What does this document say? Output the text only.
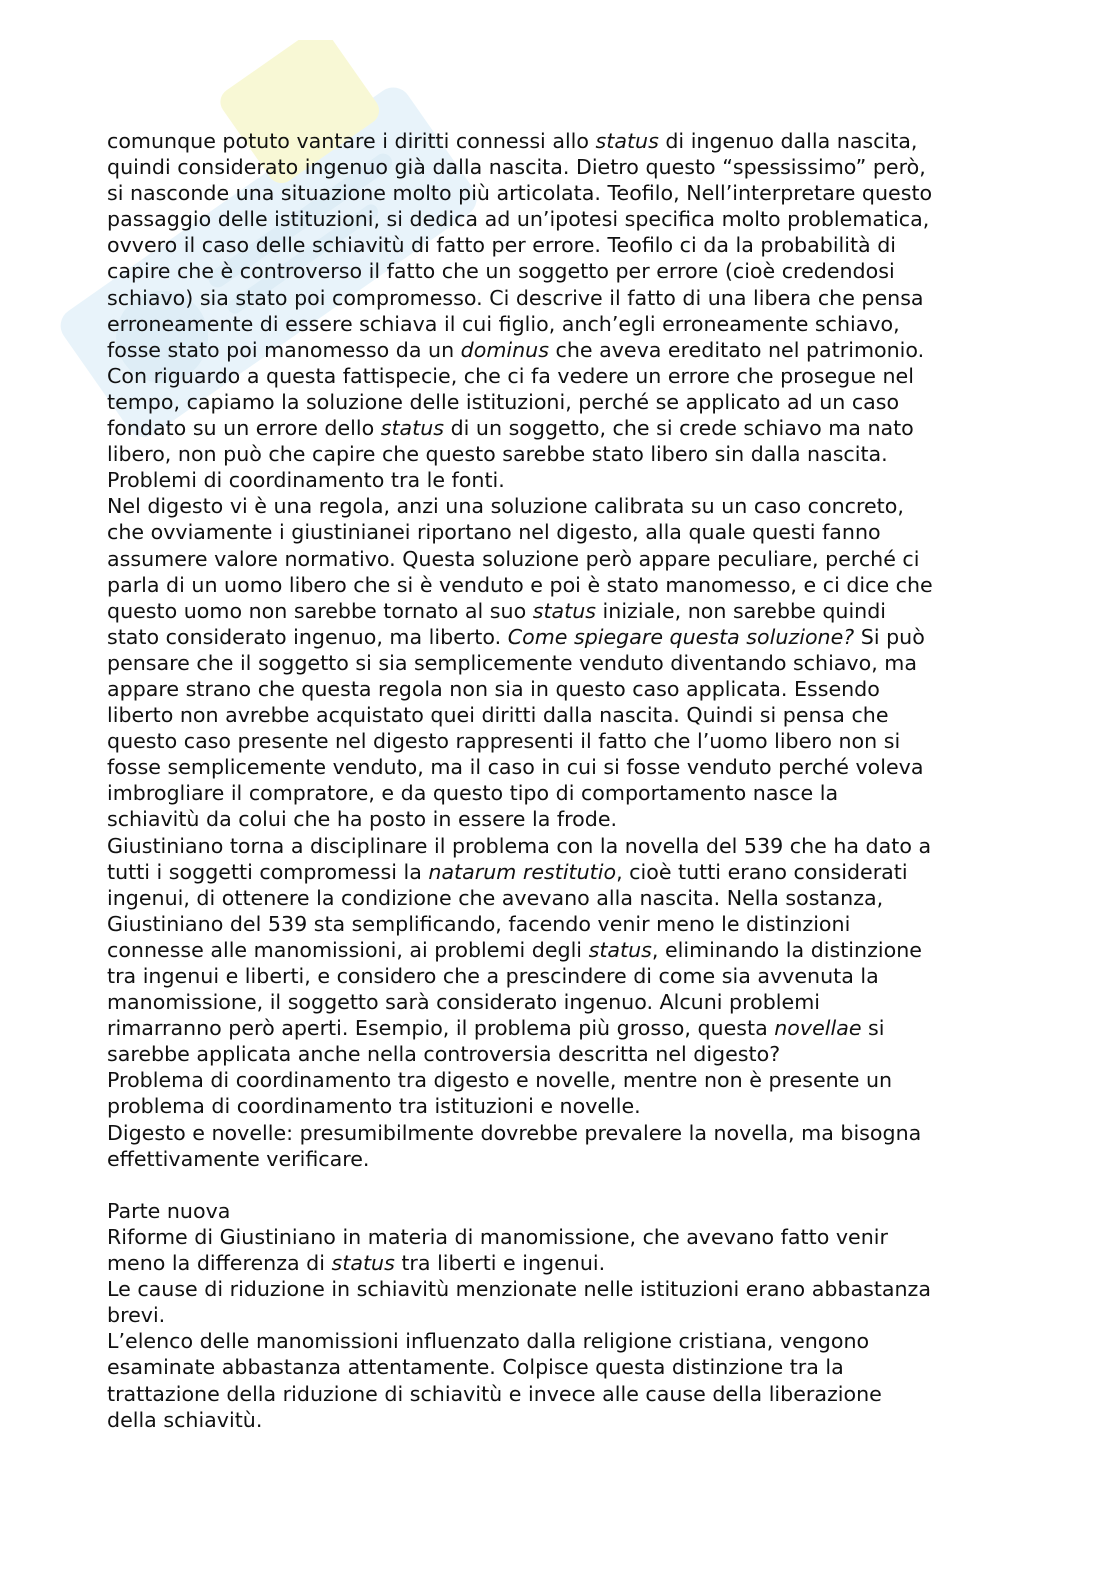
comunque potuto vantare i diritti connessi allo status di ingenuo dalla nascita,

quindi considerato ingenuo già dalla nascita. Dietro questo “spessissimo” però,

si nasconde una situazione molto più articolata. Teofilo, Nell’interpretare questo

passaggio delle istituzioni, si dedica ad un’ipotesi specifica molto problematica,

ovvero il caso delle schiavitù di fatto per errore. Teofilo ci da la probabilità di

capire che è controverso il fatto che un soggetto per errore (cioè credendosi

schiavo) sia stato poi compromesso. Ci descrive il fatto di una libera che pensa

erroneamente di essere schiava il cui figlio, anch’egli erroneamente schiavo,

fosse stato poi manomesso da un dominus che aveva ereditato nel patrimonio.

Con riguardo a questa fattispecie, che ci fa vedere un errore che prosegue nel

tempo, capiamo la soluzione delle istituzioni, perché se applicato ad un caso

fondato su un errore dello status di un soggetto, che si crede schiavo ma nato

libero, non può che capire che questo sarebbe stato libero sin dalla nascita.

Problemi di coordinamento tra le fonti.

Nel digesto vi è una regola, anzi una soluzione calibrata su un caso concreto,

che ovviamente i giustinianei riportano nel digesto, alla quale questi fanno

assumere valore normativo. Questa soluzione però appare peculiare, perché ci

parla di un uomo libero che si è venduto e poi è stato manomesso, e ci dice che

questo uomo non sarebbe tornato al suo status iniziale, non sarebbe quindi

stato considerato ingenuo, ma liberto. Come spiegare questa soluzione? Si può

pensare che il soggetto si sia semplicemente venduto diventando schiavo, ma

appare strano che questa regola non sia in questo caso applicata. Essendo

liberto non avrebbe acquistato quei diritti dalla nascita. Quindi si pensa che

questo caso presente nel digesto rappresenti il fatto che l’uomo libero non si

fosse semplicemente venduto, ma il caso in cui si fosse venduto perché voleva

imbrogliare il compratore, e da questo tipo di comportamento nasce la

schiavitù da colui che ha posto in essere la frode.

Giustiniano torna a disciplinare il problema con la novella del 539 che ha dato a

tutti i soggetti compromessi la natarum restitutio, cioè tutti erano considerati

ingenui, di ottenere la condizione che avevano alla nascita. Nella sostanza,

Giustiniano del 539 sta semplificando, facendo venir meno le distinzioni

connesse alle manomissioni, ai problemi degli status, eliminando la distinzione

tra ingenui e liberti, e considero che a prescindere di come sia avvenuta la

manomissione, il soggetto sarà considerato ingenuo. Alcuni problemi

rimarranno però aperti. Esempio, il problema più grosso, questa novellae si

sarebbe applicata anche nella controversia descritta nel digesto?

Problema di coordinamento tra digesto e novelle, mentre non è presente un

problema di coordinamento tra istituzioni e novelle.

Digesto e novelle: presumibilmente dovrebbe prevalere la novella, ma bisogna

effettivamente verificare.

Parte nuova

Riforme di Giustiniano in materia di manomissione, che avevano fatto venir

meno la differenza di status tra liberti e ingenui.

Le cause di riduzione in schiavitù menzionate nelle istituzioni erano abbastanza

brevi.

L’elenco delle manomissioni influenzato dalla religione cristiana, vengono

esaminate abbastanza attentamente. Colpisce questa distinzione tra la

trattazione della riduzione di schiavitù e invece alle cause della liberazione

della schiavitù.
